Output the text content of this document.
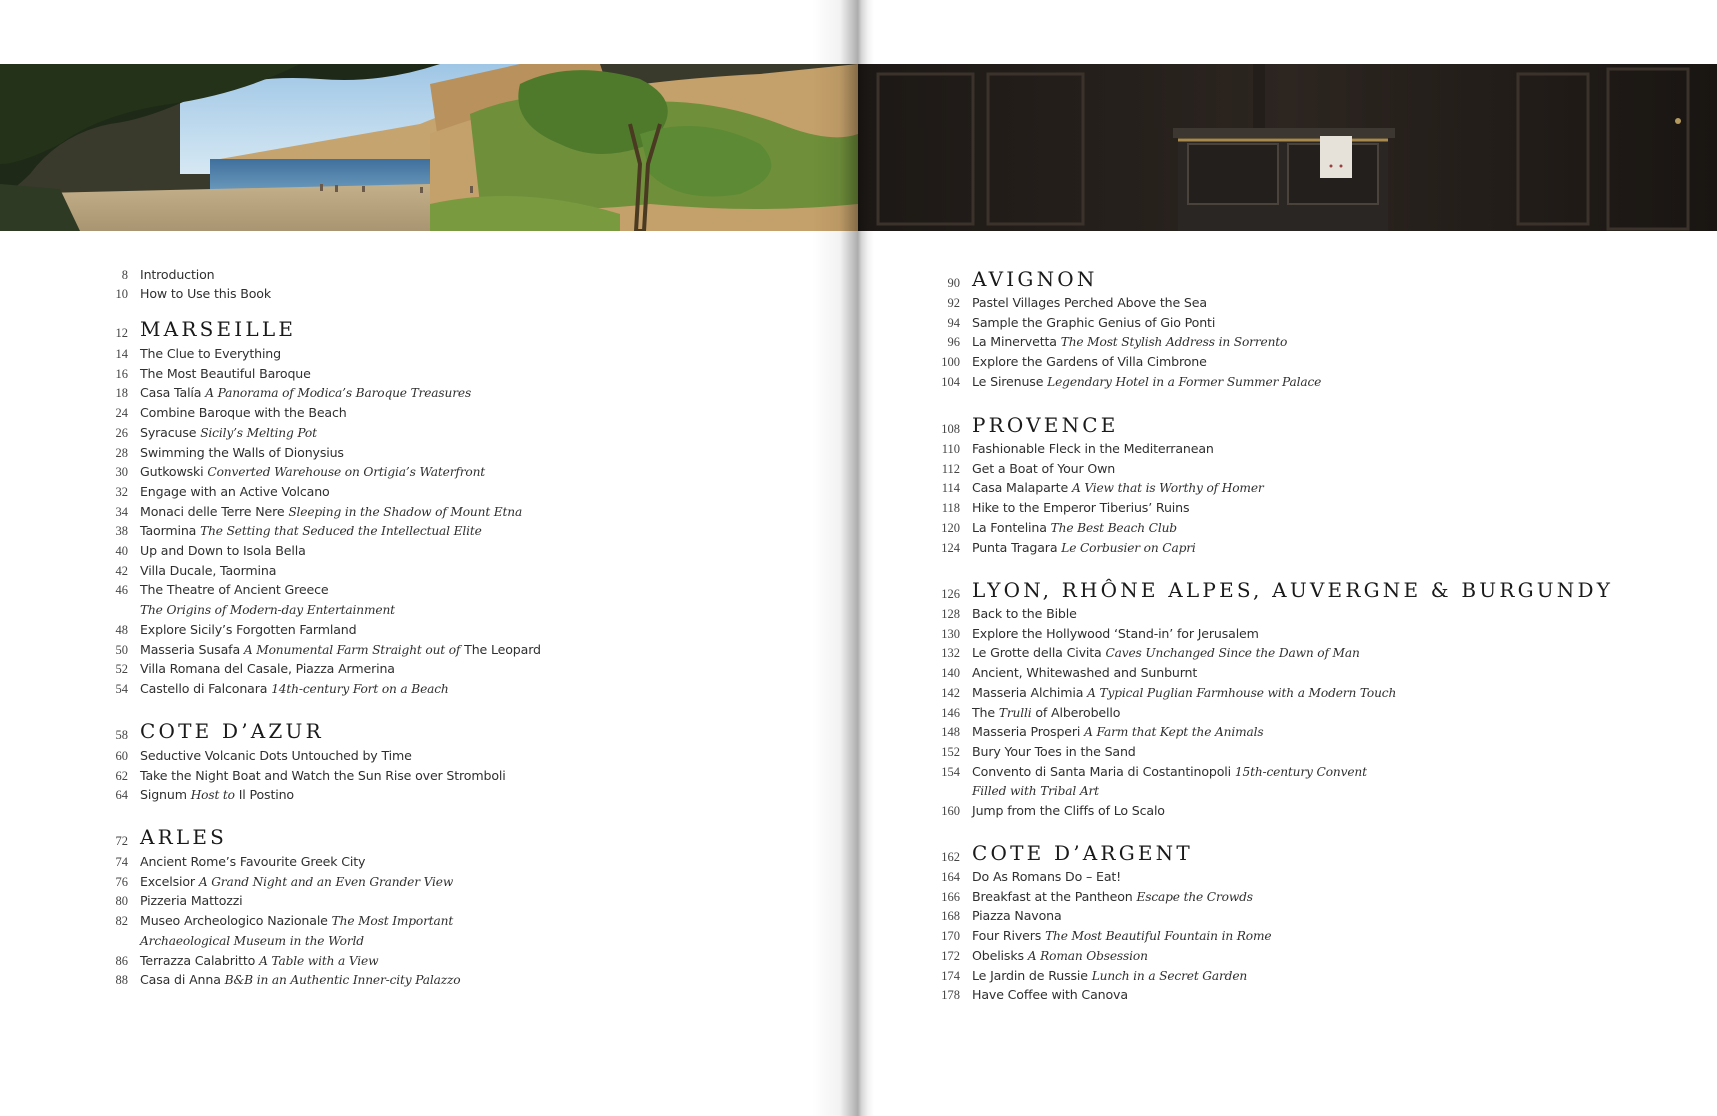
8 Introduction
10 How to Use this Book
12 MARSEILLE
14 The Clue to Everything
16 The Most Beautiful Baroque
18 Casa Talía A Panorama of Modica’s Baroque Treasures
24 Combine Baroque with the Beach
26 Syracuse Sicily’s Melting Pot
28 Swimming the Walls of Dionysius
30 Gutkowski Converted Warehouse on Ortigia’s Waterfront
32 Engage with an Active Volcano
34 Monaci delle Terre Nere Sleeping in the Shadow of Mount Etna
38 Taormina The Setting that Seduced the Intellectual Elite
40 Up and Down to Isola Bella
42 Villa Ducale, Taormina
46 The Theatre of Ancient Greece
The Origins of Modern-day Entertainment
48 Explore Sicily’s Forgotten Farmland
50 Masseria Susafa A Monumental Farm Straight out of The Leopard
52 Villa Romana del Casale, Piazza Armerina
54 Castello di Falconara 14th-century Fort on a Beach
58 COTE D’AZUR
60 Seductive Volcanic Dots Untouched by Time
62 Take the Night Boat and Watch the Sun Rise over Stromboli
64 Signum Host to Il Postino
72 ARLES
74 Ancient Rome’s Favourite Greek City
76 Excelsior A Grand Night and an Even Grander View
80 Pizzeria Mattozzi
82 Museo Archeologico Nazionale The Most Important
Archaeological Museum in the World
86 Terrazza Calabritto A Table with a View
88 Casa di Anna B&B in an Authentic Inner-city Palazzo
90 AVIGNON
92 Pastel Villages Perched Above the Sea
94 Sample the Graphic Genius of Gio Ponti
96 La Minervetta The Most Stylish Address in Sorrento
100 Explore the Gardens of Villa Cimbrone
104 Le Sirenuse Legendary Hotel in a Former Summer Palace
108 PROVENCE
110 Fashionable Fleck in the Mediterranean
112 Get a Boat of Your Own
114 Casa Malaparte A View that is Worthy of Homer
118 Hike to the Emperor Tiberius’ Ruins
120 La Fontelina The Best Beach Club
124 Punta Tragara Le Corbusier on Capri
126 LYON, RHÔNE ALPES, AUVERGNE & BURGUNDY
128 Back to the Bible
130 Explore the Hollywood ‘Stand-in’ for Jerusalem
132 Le Grotte della Civita Caves Unchanged Since the Dawn of Man
140 Ancient, Whitewashed and Sunburnt
142 Masseria Alchimia A Typical Puglian Farmhouse with a Modern Touch
146 The Trulli of Alberobello
148 Masseria Prosperi A Farm that Kept the Animals
152 Bury Your Toes in the Sand
154 Convento di Santa Maria di Costantinopoli 15th-century Convent
Filled with Tribal Art
160 Jump from the Cliffs of Lo Scalo
162 COTE D’ARGENT
164 Do As Romans Do – Eat!
166 Breakfast at the Pantheon Escape the Crowds
168 Piazza Navona
170 Four Rivers The Most Beautiful Fountain in Rome
172 Obelisks A Roman Obsession
174 Le Jardin de Russie Lunch in a Secret Garden
178 Have Coffee with Canova
